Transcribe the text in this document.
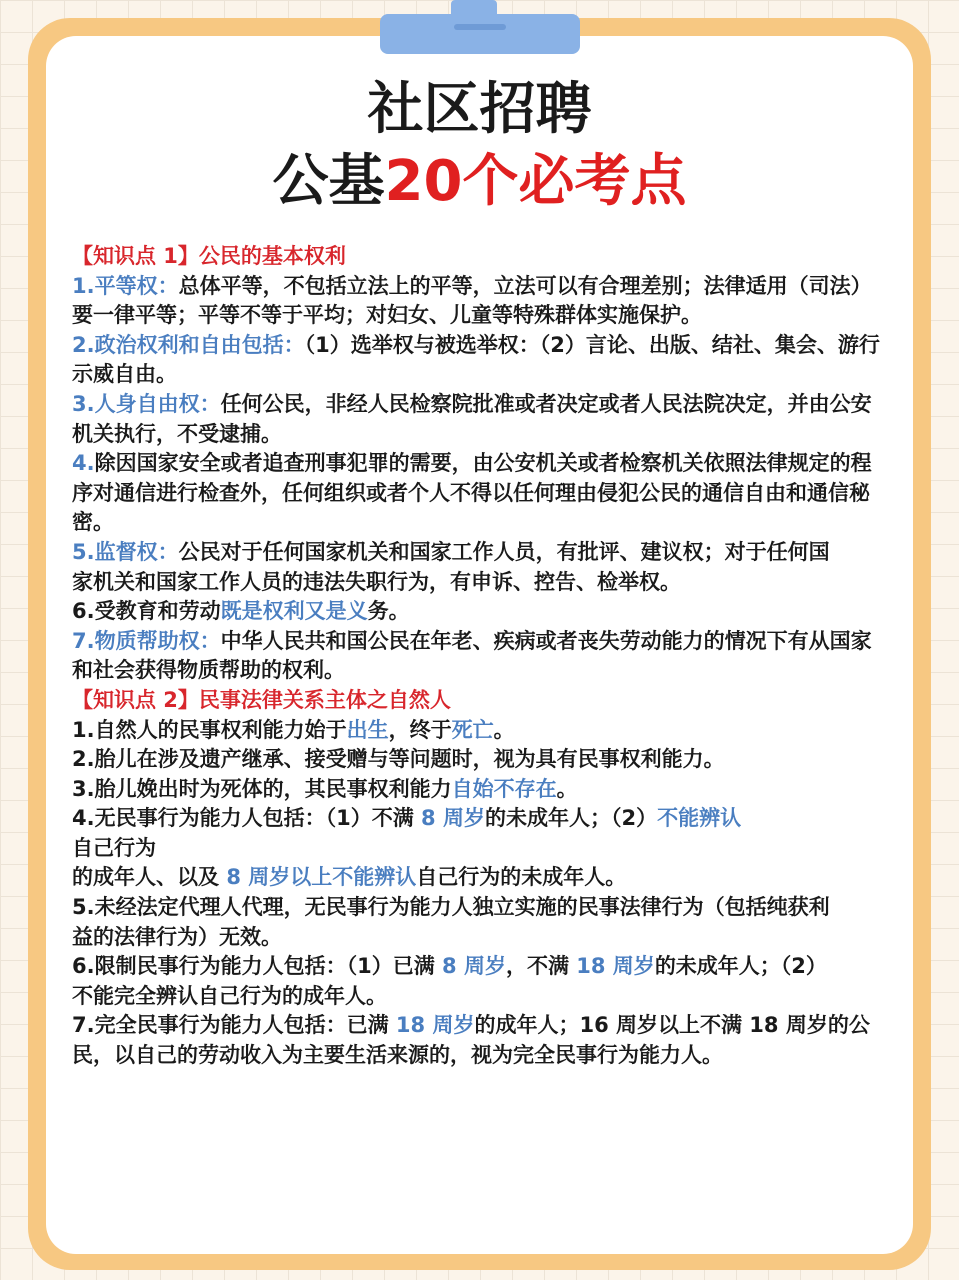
社区招聘
公基20个必考点

【知识点 1】公民的基本权利

1.平等权：总体平等，不包括立法上的平等，立法可以有合理差别；法律适用（司法）要一律平等；平等不等于平均；对妇女、儿童等特殊群体实施保护。

2.政治权利和自由包括：（1）选举权与被选举权：（2）言论、出版、结社、集会、游行示威自由。

3.人身自由权：任何公民，非经人民检察院批准或者决定或者人民法院决定，并由公安机关执行，不受逮捕。

4.除因国家安全或者追查刑事犯罪的需要，由公安机关或者检察机关依照法律规定的程序对通信进行检查外，任何组织或者个人不得以任何理由侵犯公民的通信自由和通信秘密。

5.监督权：公民对于任何国家机关和国家工作人员，有批评、建议权；对于任何国

家机关和国家工作人员的违法失职行为，有申诉、控告、检举权。

6.受教育和劳动既是权利又是义务。

7.物质帮助权：中华人民共和国公民在年老、疾病或者丧失劳动能力的情况下有从国家和社会获得物质帮助的权利。

【知识点 2】民事法律关系主体之自然人

1.自然人的民事权利能力始于出生，终于死亡。

2.胎儿在涉及遗产继承、接受赠与等问题时，视为具有民事权利能力。

3.胎儿娩出时为死体的，其民事权利能力自始不存在。

4.无民事行为能力人包括：（1）不满 8 周岁的未成年人；（2）不能辨认
自己行为

的成年人、以及 8 周岁以上不能辨认自己行为的未成年人。

5.未经法定代理人代理，无民事行为能力人独立实施的民事法律行为（包括纯获利

益的法律行为）无效。

6.限制民事行为能力人包括：（1）已满 8 周岁，不满 18 周岁的未成年人；（2）

不能完全辨认自己行为的成年人。

7.完全民事行为能力人包括：已满 18 周岁的成年人；16 周岁以上不满 18 周岁的公

民，以自己的劳动收入为主要生活来源的，视为完全民事行为能力人。
